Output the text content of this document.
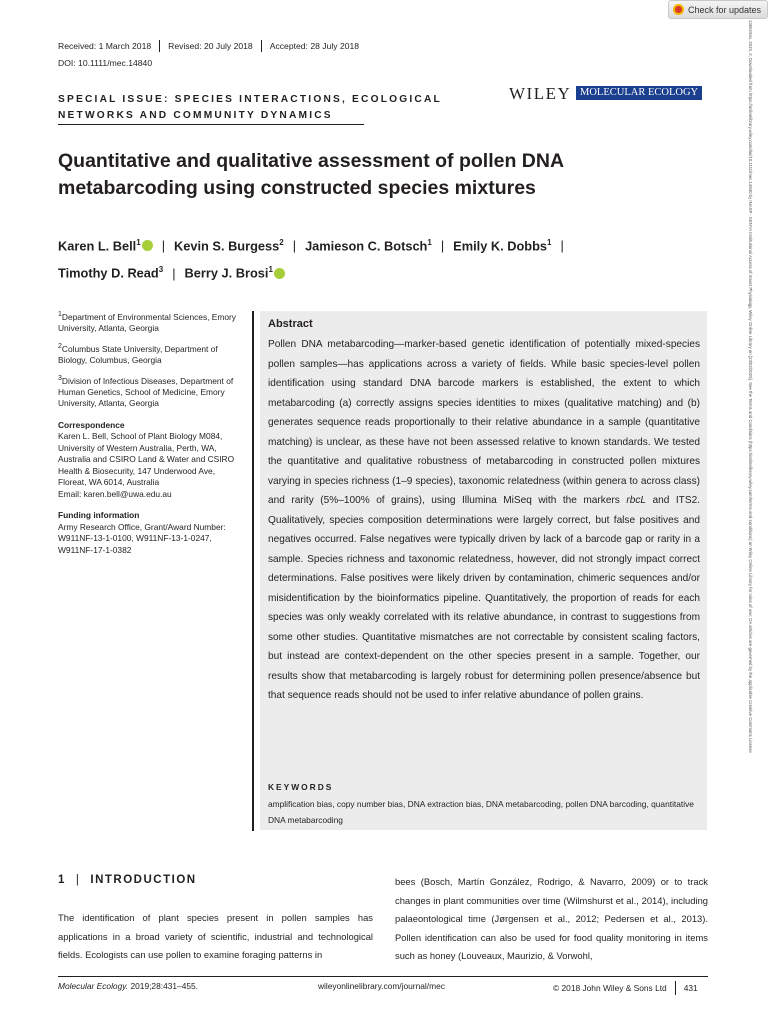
Check for updates
1365294x, 2019, 2, Downloaded from https://onlinelibrary.wiley.com/doi/10.1111/mec.14840 by INASP - KENYA Institutional Access of Insect Physiology, Wiley Online Library on [23/02/2025]. See the Terms and Conditions (https://onlinelibrary.wiley.com/terms-and-conditions) on Wiley Online Library for rules of use; OA articles are governed by the applicable Creative Commons License
Received: 1 March 2018 Revised: 20 July 2018 Accepted: 28 July 2018
DOI: 10.1111/mec.14840
SPECIAL ISSUE: SPECIES INTERACTIONS, ECOLOGICAL NETWORKS AND COMMUNITY DYNAMICS
WILEY MOLECULAR ECOLOGY
Quantitative and qualitative assessment of pollen DNA metabarcoding using constructed species mixtures
Karen L. Bell$^1$ | Kevin S. Burgess$^2$ | Jamieson C. Botsch$^1$ | Emily K. Dobbs$^1$ |
Timothy D. Read$^3$ | Berry J. Brosi$^1$

$^1$Department of Environmental Sciences, Emory University, Atlanta, Georgia

$^2$Columbus State University, Department of Biology, Columbus, Georgia

$^3$Division of Infectious Diseases, Department of Human Genetics, School of Medicine, Emory University, Atlanta, Georgia

Correspondence

Karen L. Bell, School of Plant Biology M084, University of Western Australia, Perth, WA, Australia and CSIRO Land & Water and CSIRO Health & Biosecurity, 147 Underwood Ave, Floreat, WA 6014, Australia

Email: karen.bell@uwa.edu.au

Funding information

Army Research Office, Grant/Award Number: W911NF-13-1-0100, W911NF-13-1-0247, W911NF-17-1-0382

Abstract
Pollen DNA metabarcoding—marker-based genetic identification of potentially mixed-species pollen samples—has applications across a variety of fields. While basic species-level pollen identification using standard DNA barcode markers is established, the extent to which metabarcoding (a) correctly assigns species identities to mixes (qualitative matching) and (b) generates sequence reads proportionally to their relative abundance in a sample (quantitative matching) is unclear, as these have not been assessed relative to known standards. We tested the quantitative and qualitative robustness of metabarcoding in constructed pollen mixtures varying in species richness (1–9 species), taxonomic relatedness (within genera to across class) and rarity (5%–100% of grains), using Illumina MiSeq with the markers rbcL and ITS2. Qualitatively, species composition determinations were largely correct, but false positives and negatives occurred. False negatives were typically driven by lack of a barcode gap or rarity in a sample. Species richness and taxonomic relatedness, however, did not strongly impact correct determinations. False positives were likely driven by contamination, chimeric sequences and/or misidentification by the bioinformatics pipeline. Quantitatively, the proportion of reads for each species was only weakly correlated with its relative abundance, in contrast to suggestions from some other studies. Quantitative mismatches are not correctable by consistent scaling factors, but instead are context-dependent on the other species present in a sample. Together, our results show that metabarcoding is largely robust for determining pollen presence/absence but that sequence reads should not be used to infer relative abundance of pollen grains.
KEYWORDS
amplification bias, copy number bias, DNA extraction bias, DNA metabarcoding, pollen DNA barcoding, quantitative DNA metabarcoding
1 | INTRODUCTION
The identification of plant species present in pollen samples has applications in a broad variety of scientific, industrial and technological fields. Ecologists can use pollen to examine foraging patterns in
bees (Bosch, Martín González, Rodrigo, & Navarro, 2009) or to track changes in plant communities over time (Wilmshurst et al., 2014), including palaeontological time (Jørgensen et al., 2012; Pedersen et al., 2013). Pollen identification can also be used for food quality monitoring in items such as honey (Louveaux, Maurizio, & Vorwohl,
Molecular Ecology. 2019;28:431–455.	wileyonlinelibrary.com/journal/mec	© 2018 John Wiley & Sons Ltd 431
